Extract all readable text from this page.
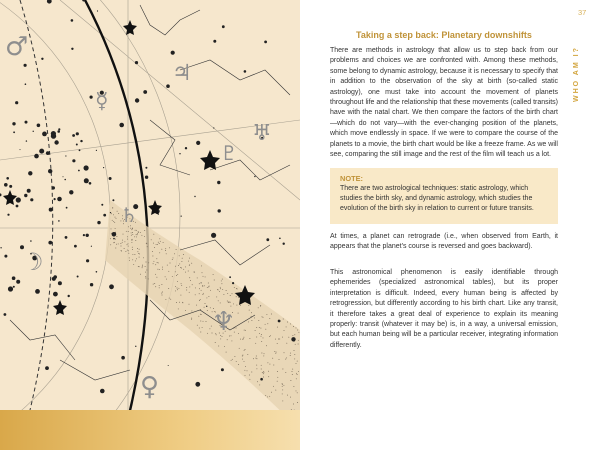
♂
♃
☿
♅
♇
♆
☽
♀
♄
37
WHO AM I?
Taking a step back: Planetary downshifts

There are methods in astrology that allow us to step back from our problems and choices we are confronted with. Among these methods, some belong to dynamic astrology, because it is necessary to specify that in addition to the observation of the sky at birth (so-called static astrology), one must take into account the movement of planets throughout life and the relationship that these movements (called transits) have with the natal chart. We then compare the factors of the birth chart—which do not vary—with the ever-changing position of the planets, which move endlessly in space. If we were to compare the course of the planets to a movie, the birth chart would be like a freeze frame. As we will see, comparing the still image and the rest of the film will teach us a lot.

NOTE:

There are two astrological techniques: static astrology, which studies the birth sky, and dynamic astrology, which studies the evolution of the birth sky in relation to current or future transits.

At times, a planet can retrograde (i.e., when observed from Earth, it appears that the planet's course is reversed and goes backward).

This astronomical phenomenon is easily identifiable through ephemerides (specialized astronomical tables), but its proper interpretation is difficult. Indeed, every human being is affected by retrogression, but differently according to his birth chart. Like any transit, it therefore takes a great deal of experience to explain its meaning properly: transit (whatever it may be) is, in a way, a universal emission, but each human being will be a particular receiver, integrating information differently.
